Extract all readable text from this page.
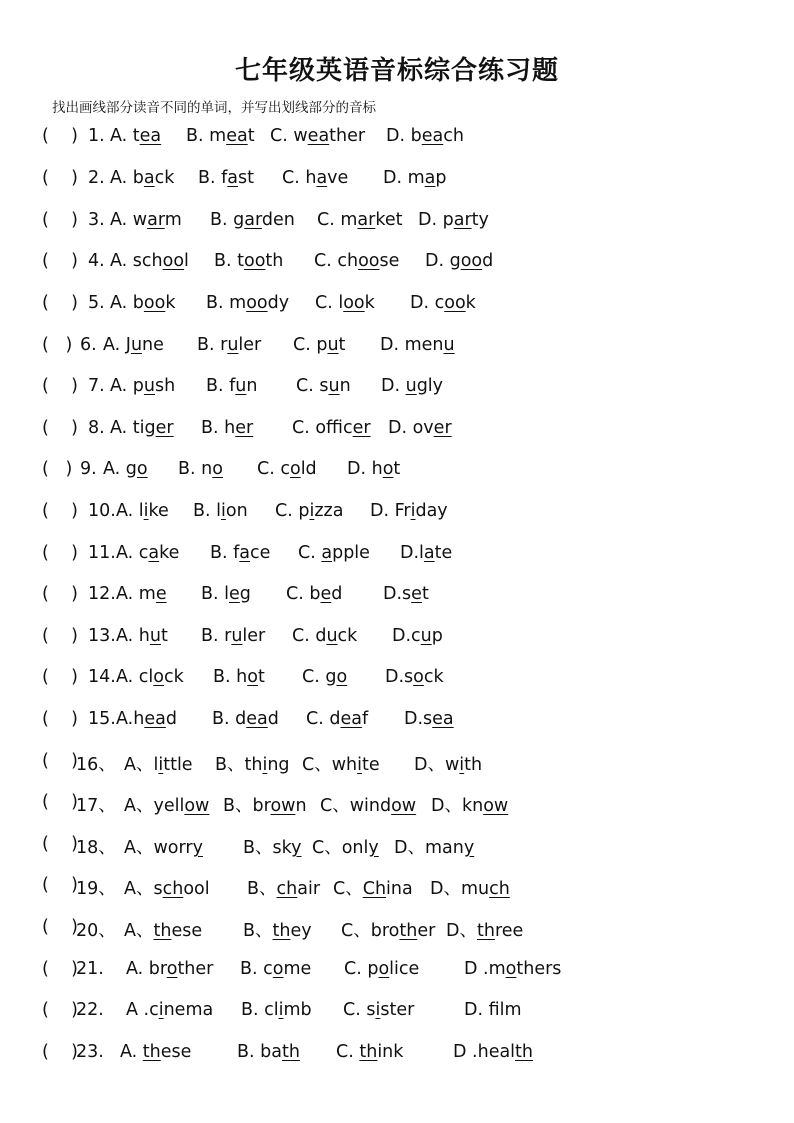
七年级英语音标综合练习题
找出画线部分读音不同的单词，并写出划线部分的音标
(    ) 1. A. tea B. meat C. weather D. beach
(    ) 2. A. back B. fast C. have D. map
(    ) 3. A. warm B. garden C. market D. party
(    ) 4. A. school B. tooth C. choose D. good
(    ) 5. A. book B. moody C. look D. cook
(   ) 6. A. June B. ruler C. put D. menu
(    ) 7. A. push B. fun C. sun D. ugly
(    ) 8. A. tiger B. her C. officer D. over
(   ) 9. A. go B. no C. cold D. hot
(    ) 10. A. like B. lion C. pizza D. Friday
(    ) 11. A. cake B. face C. apple D.late
(    ) 12. A. me B. leg C. bed D.set
(    ) 13. A. hut B. ruler C. duck D.cup
(    ) 14. A. clock B. hot C. go D.sock
(    ) 15. A.head B. dead C. deaf D.sea
(    )
16、 A、little B、thing C、white D、with
(    )
17、 A、yellow B、brown C、window D、know
(    )
18、 A、worry B、sky C、only D、many
(    )
19、 A、school B、chair C、China D、much
(    )
20、 A、these B、they C、brother D、three
(    )
21. A. brother B. come C. police	D .mothers
(    )
22. A .cinema B. climb C. sister	D. flm
(    )
23. A. these	B. bath C. think	D .health
